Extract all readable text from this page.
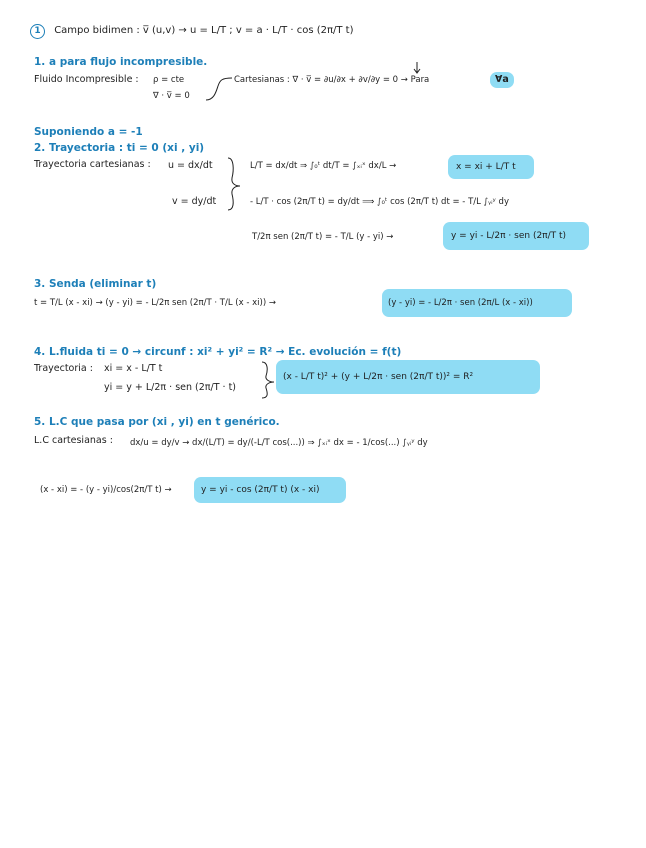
1 Campo bidimen : v̅ (u,v) → u = L/T ; v = a · L/T · cos (2π/T t)
1. a para flujo incompresible.
Fluido Incompresible : ρ = cte
∇ · v̅ = 0
Cartesianas : ∇ · v̅ = ∂u/∂x + ∂v/∂y = 0 → Para	∀a
Suponiendo a = -1
2. Trayectoria : ti = 0 (xi , yi)
Trayectoria cartesianas : u = dx/dt
v = dy/dt
L/T = dx/dt ⇒ ∫₀ᵗ dt/T = ∫ₓᵢˣ dx/L →	x = xi + L/T t
- L/T · cos (2π/T t) = dy/dt ⟹ ∫₀ᵗ cos (2π/T t) dt = - T/L ∫ᵧᵢʸ dy
T/2π sen (2π/T t) = - T/L (y - yi) →	y = yi - L/2π · sen (2π/T t)
3. Senda (eliminar t)
t = T/L (x - xi) → (y - yi) = - L/2π sen (2π/T · T/L (x - xi)) →	(y - yi) = - L/2π · sen (2π/L (x - xi))
4. L.fluida ti = 0 → circunf : xi² + yi² = R² → Ec. evolución = f(t)
Trayectoria : xi = x - L/T t
yi = y + L/2π · sen (2π/T · t)
(x - L/T t)² + (y + L/2π · sen (2π/T t))² = R²
5. L.C que pasa por (xi , yi) en t genérico.
L.C cartesianas : dx/u = dy/v → dx/(L/T) = dy/(-L/T cos(...)) ⇒ ∫ₓᵢˣ dx = - 1/cos(...) ∫ᵧᵢʸ dy
(x - xi) = - (y - yi)/cos(2π/T t) →	y = yi - cos (2π/T t) (x - xi)
